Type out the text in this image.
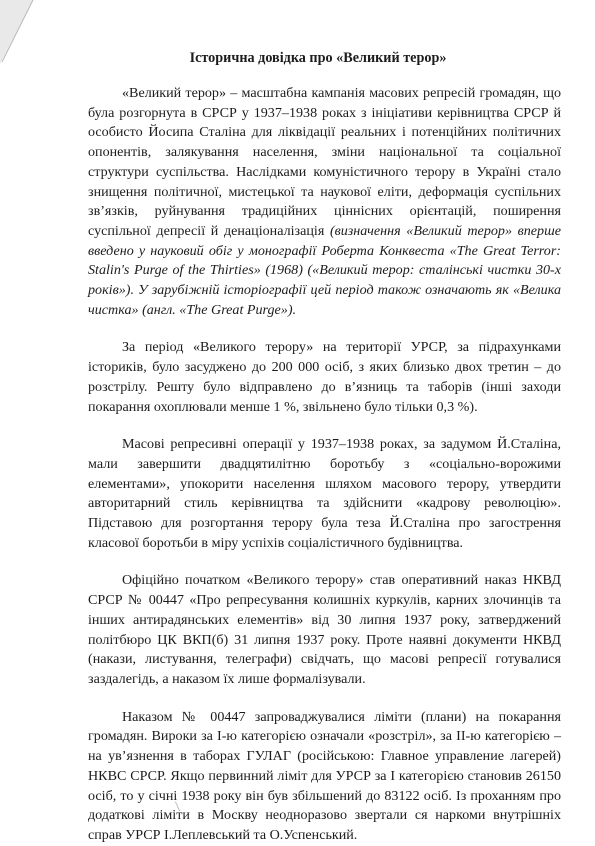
Історична довідка про «Великий терор»

«Великий терор» – масштабна кампанія масових репресій громадян, що була розгорнута в СРСР у 1937–1938 роках з ініціативи керівництва СРСР й особисто Йосипа Сталіна для ліквідації реальних і потенційних політичних опонентів, залякування населення, зміни національної та соціальної структури суспільства. Наслідками комуністичного терору в Україні стало знищення політичної, мистецької та наукової еліти, деформація суспільних зв’язків, руйнування традиційних ціннісних орієнтацій, поширення суспільної депресії й денаціоналізація (визначення «Великий терор» вперше введено у науковий обіг у монографії Роберта Конквеста «The Great Terror: Stalin's Purge of the Thirties» (1968) («Великий терор: сталінські чистки 30-х років»). У зарубіжній історіографії цей період також означають як «Велика чистка» (англ. «The Great Purge»).

За період «Великого терору» на території УРСР, за підрахунками істориків, було засуджено до 200 000 осіб, з яких близько двох третин – до розстрілу. Решту було відправлено до в’язниць та таборів (інші заходи покарання охоплювали менше 1 %, звільнено було тільки 0,3 %).

Масові репресивні операції у 1937–1938 роках, за задумом Й.Сталіна, мали завершити двадцятилітню боротьбу з «соціально-ворожими елементами», упокорити населення шляхом масового терору, утвердити авторитарний стиль керівництва та здійснити «кадрову революцію». Підставою для розгортання терору була теза Й.Сталіна про загострення класової боротьби в міру успіхів соціалістичного будівництва.

Офіційно початком «Великого терору» став оперативний наказ НКВД СРСР № 00447 «Про репресування колишніх куркулів, карних злочинців та інших антирадянських елементів» від 30 липня 1937 року, затверджений політбюро ЦК ВКП(б) 31 липня 1937 року. Проте наявні документи НКВД (накази, листування, телеграфи) свідчать, що масові репресії готувалися заздалегідь, а наказом їх лише формалізували.

Наказом № 00447 запроваджувалися ліміти (плани) на покарання громадян. Вироки за І-ю категорією означали «розстріл», за ІІ-ю категорією – на ув’язнення в таборах ГУЛАГ (російською: Главное управление лагерей) НКВС СРСР. Якщо первинний ліміт для УРСР за І категорією становив 26150 осіб, то у січні 1938 року він був збільшений до 83122 осіб. Із проханням про додаткові ліміти в Москву неодноразово звертали ся наркоми внутрішніх справ УРСР І.Леплевський та О.Успенський.
